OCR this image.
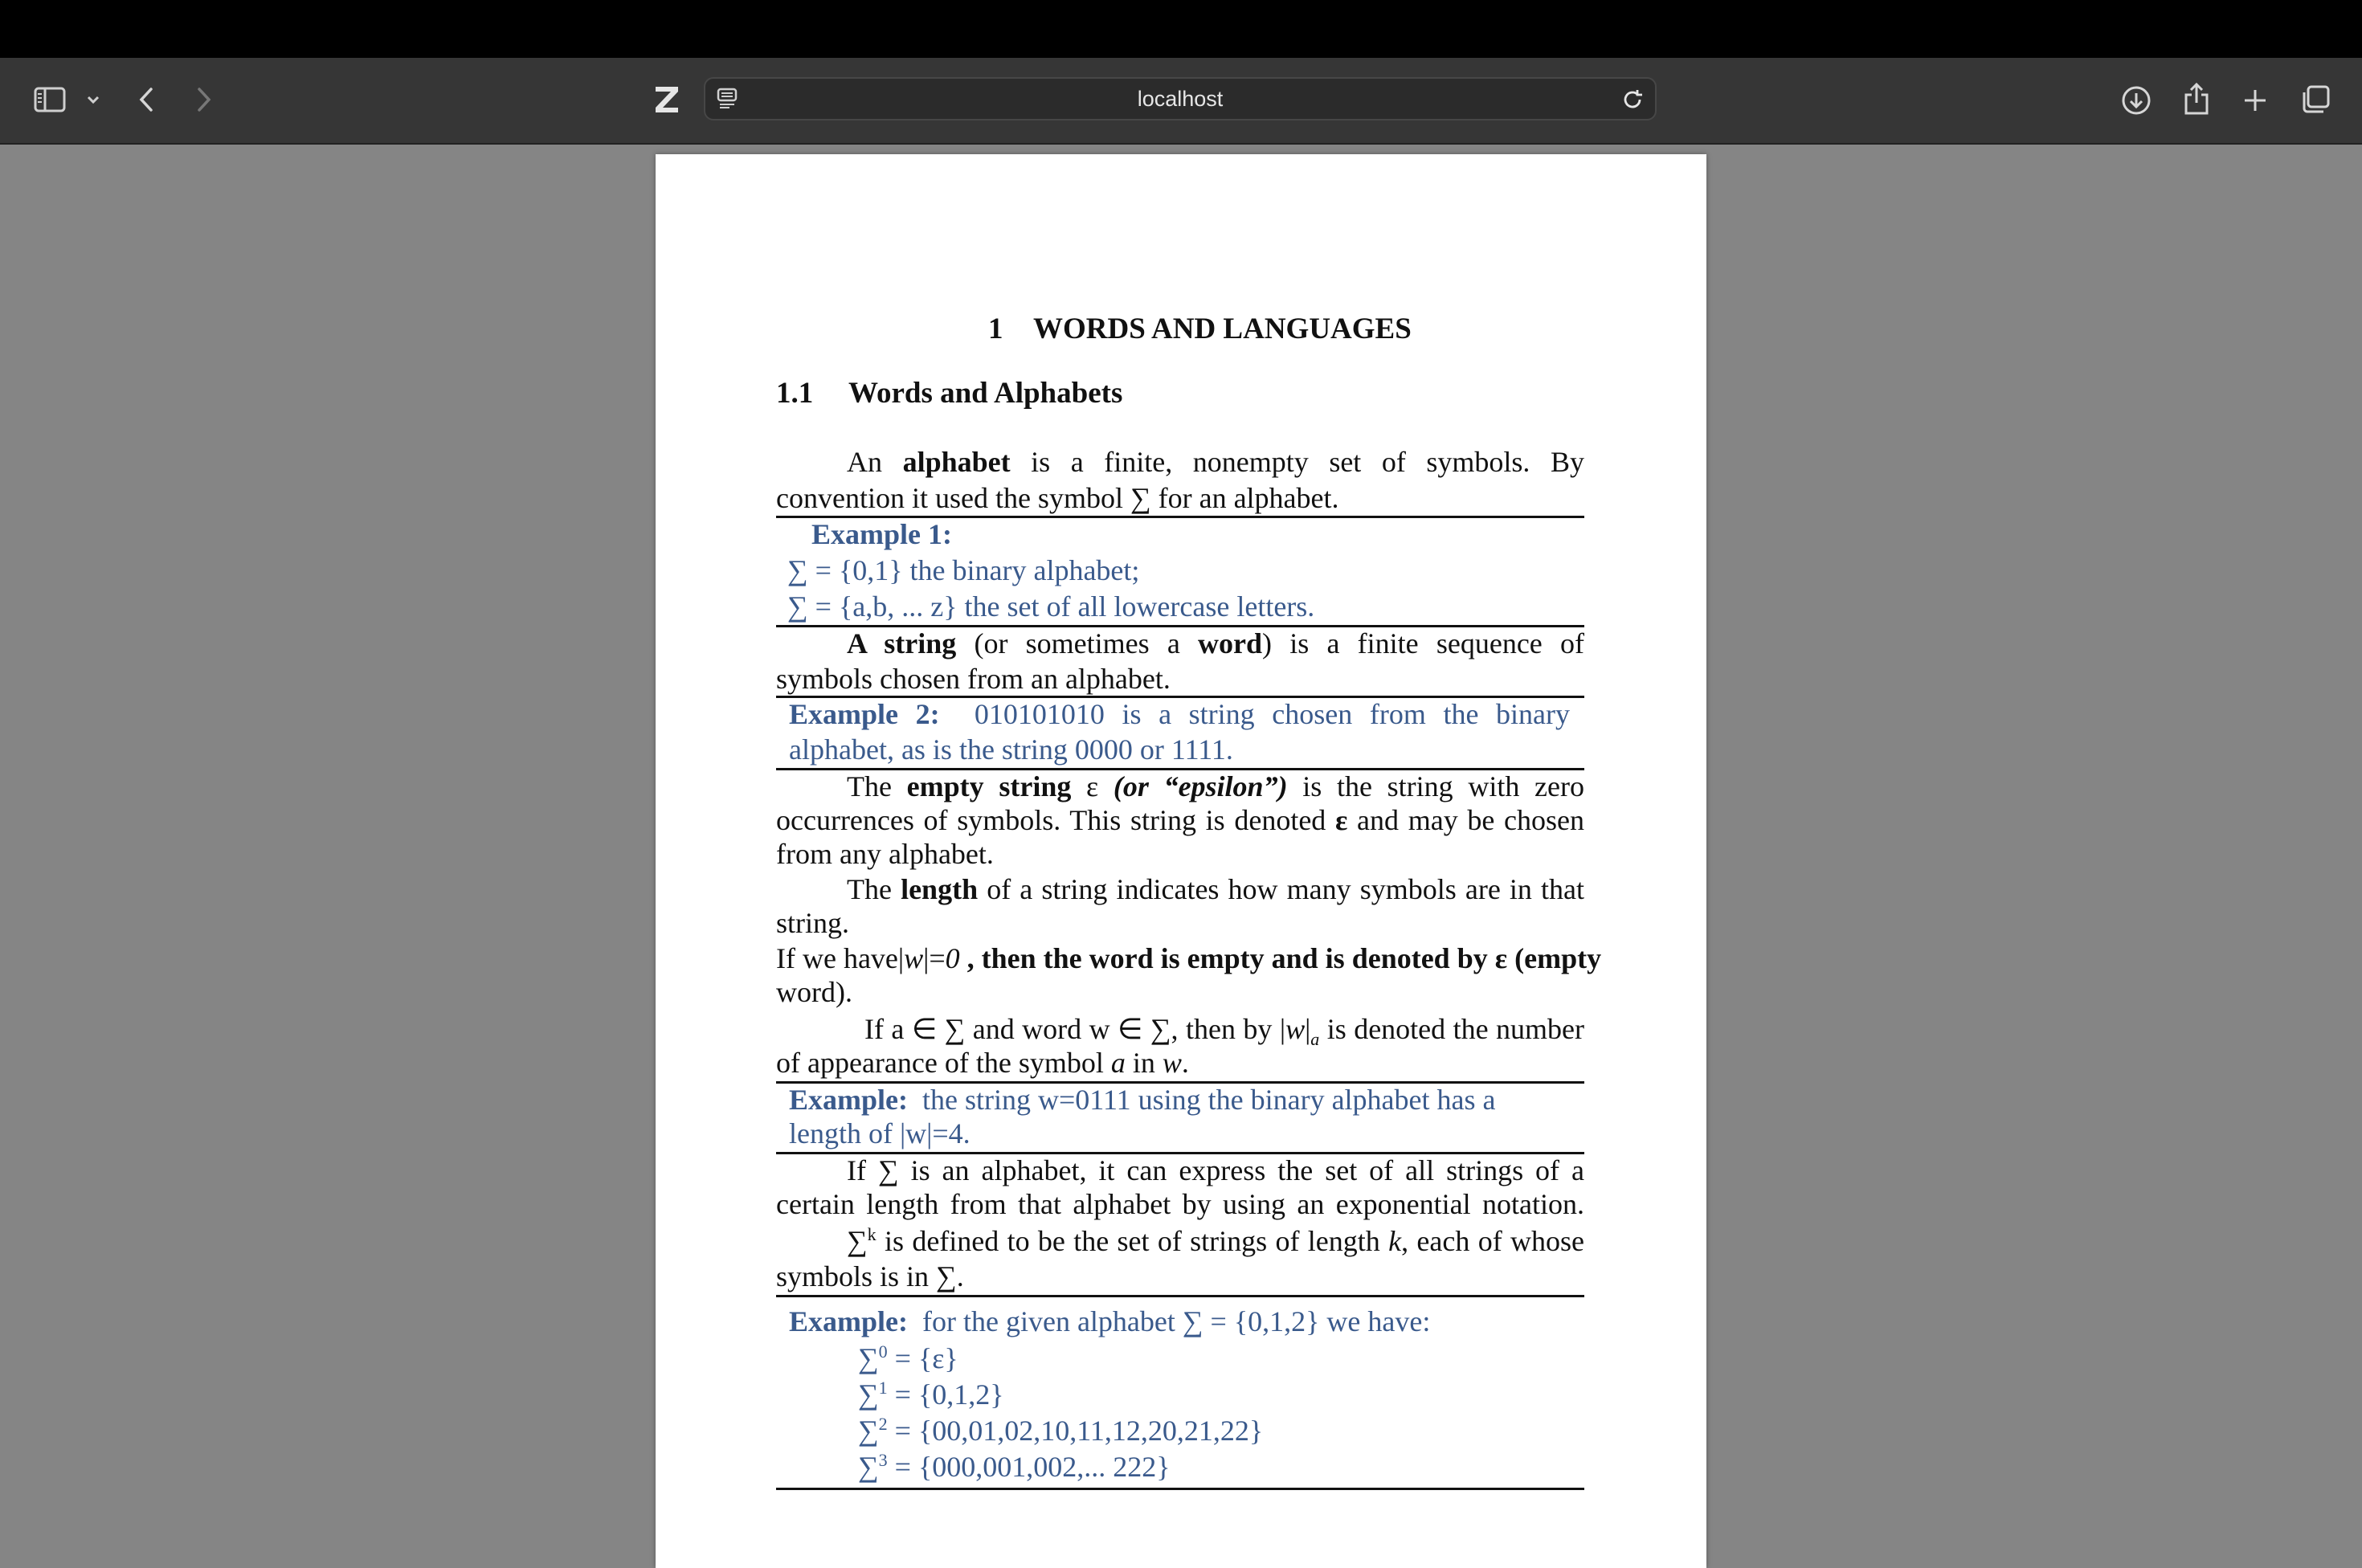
localhost
1 WORDS AND LANGUAGES
1.1 Words and Alphabets
An alphabet is a finite, nonempty set of symbols. By
convention it used the symbol ∑ for an alphabet.
Example 1:
∑ = {0,1} the binary alphabet;
∑ = {a,b, ... z} the set of all lowercase letters.
A string (or sometimes a word) is a finite sequence of
symbols chosen from an alphabet.
Example 2: 010101010 is a string chosen from the binary
alphabet, as is the string 0000 or 1111.
The empty string ε (or “epsilon”) is the string with zero
occurrences of symbols. This string is denoted ε and may be chosen
from any alphabet.
The length of a string indicates how many symbols are in that
string.
If we have|w|=0 , then the word is empty and is denoted by ε (empty
word).
If a ∈ ∑ and word w ∈ ∑, then by $|w|_a$ is denoted the number
of appearance of the symbol a in w.
Example: the string w=0111 using the binary alphabet has a
length of |w|=4.
If ∑ is an alphabet, it can express the set of all strings of a
certain length from that alphabet by using an exponential notation.
∑$^k$ is defined to be the set of strings of length k, each of whose
symbols is in ∑.
Example: for the given alphabet ∑ = {0,1,2} we have:
∑$^0$ = {ε}
∑$^1$ = {0,1,2}
∑$^2$ = {00,01,02,10,11,12,20,21,22}
∑$^3$ = {000,001,002,... 222}
